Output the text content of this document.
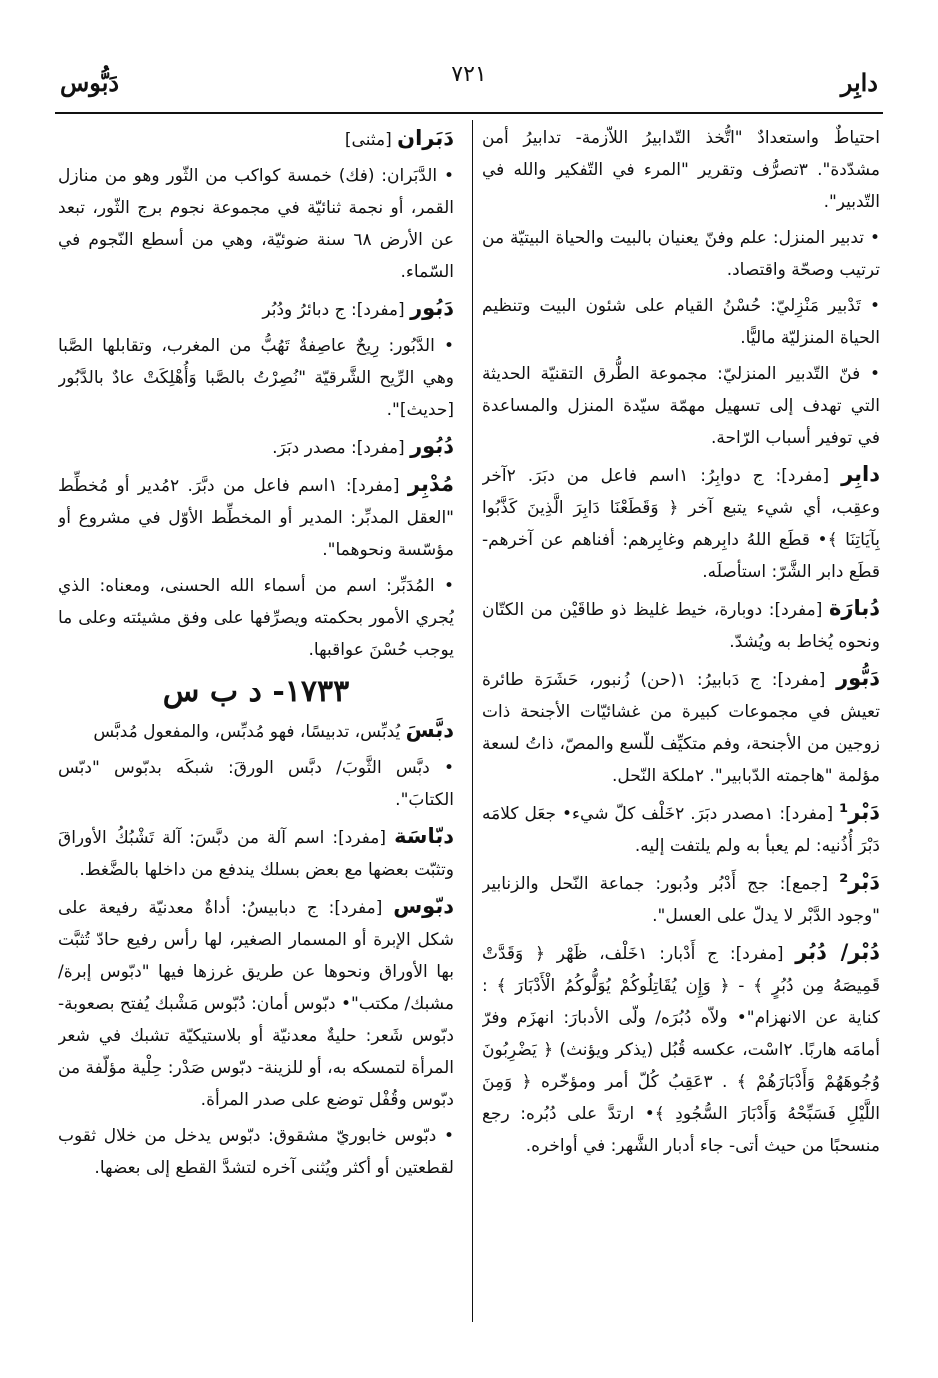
دابِر
٧٢١
دَبُّوس

احتياطٌ واستعدادٌ "اتُّخذ التّدابيرُ اللاّزمة- تدابيرُ أمن مشدّدة". ٣تصرُّف وتقرير "المرء في التّفكير والله في التّدبير".

• تدبير المنزل: علم وفنّ يعنيان بالبيت والحياة البيتيّة من ترتيب وصحّة واقتصاد.

• تَدْبير مَنْزِليّ: حُسْنُ القيام على شئون البيت وتنظيم الحياة المنزليّة ماليًّا.

• فنّ التّدبير المنزليّ: مجموعة الطُّرق التقنيّة الحديثة التي تهدف إلى تسهيل مهمّة سيّدة المنزل والمساعدة في توفير أسباب الرّاحة.

دابِر [مفرد]: ج دوابِرُ: ١اسم فاعل من دبَرَ. ٢آخر وعقِب، أي شيء يتبع آخر ﴿ وَقَطَعْنَا دَابِرَ الَّذِينَ كَذَّبُوا بِآيَاتِنَا ﴾• قطَع اللهُ دابِرهم وغابِرهم: أفناهم عن آخرهم- قطَع دابر الشَّرّ: استأصلَه.

دُبارَة [مفرد]: دوبارة، خيط غليظ ذو طاقَيْن من الكتّان ونحوه يُخاط به ويُشدّ.

دَبُّور [مفرد]: ج دَبابيرُ: ١(حن) زُنبور، حَشَرَة طائرة تعيش في مجموعات كبيرة من غشائيّات الأجنحة ذات زوجين من الأجنحة، وفم متكيِّف للّسع والمصّ، ذاتُ لسعة مؤلمة "هاجمته الدّبابير". ٢ملكة النّحل.

دَبْر¹ [مفرد]: ١مصدر دبَرَ. ٢خَلْف كلّ شيء• جعَل كلامَه دَبْرَ أُذُنيه: لم يعبأ به ولم يلتفت إليه.

دَبْر² [جمع]: جج أَدْبُر ودُبور: جماعة النّحل والزنابير "وجود الدَّبْر لا يدلّ على العسل".

دُبْر/ دُبُر [مفرد]: ج أَدْبار: ١خَلْف، ظَهْر ﴿ وَقَدَّتْ قَمِيصَهُ مِن دُبُرٍ ﴾ - ﴿ وَإِن يُقَاتِلُوكُمْ يُوَلُّوكُمُ الْأَدْبَارَ ﴾ : كناية عن الانهزام"• ولاّه دُبُرَه/ ولّى الأدبارَ: انهزَم وفرّ أمامَه هاربًا. ٢اسْت، عكسه قُبُل (يذكر ويؤنث) ﴿ يَضْرِبُونَ وُجُوهَهُمْ وَأَدْبَارَهُمْ ﴾ . ٣عَقِبُ كُلّ أمر ومؤخّره ﴿ وَمِنَ اللَّيْلِ فَسَبِّحْهُ وَأَدْبَارَ السُّجُودِ ﴾• ارتدَّ على دُبُره: رجع منسحبًا من حيث أتى- جاء أدبار الشَّهر: في أواخره.

دَبَران [مثنى]

• الدَّبَران: (فك) خمسة كواكب من الثّور وهو من منازل القمر، أو نجمة ثنائيّة في مجموعة نجوم برج الثّور، تبعد عن الأرض ٦٨ سنة ضوئيّة، وهي من أسطع النّجوم في السّماء.

دَبُور [مفرد]: ج دبائرُ ودُبُر

• الدَّبُور: رِيحٌ عاصِفةٌ تَهُبُّ من المغرب، وتقابلها الصَّبا وهي الرِّيح الشَّرقيّة "نُصِرْتُ بالصَّبا وَأُهْلِكَتْ عادٌ بالدَّبُور [حديث]".

دُبُور [مفرد]: مصدر دبَرَ.

مُدْبِر [مفرد]: ١اسم فاعل من دبَّرَ. ٢مُدير أو مُخطِّط "العقل المدبِّر: المدير أو المخطِّط الأوّل في مشروع أو مؤسّسة ونحوهما".

• المُدَبِّر: اسم من أسماء الله الحسنى، ومعناه: الذي يُجري الأمور بحكمته ويصرِّفها على وفق مشيئته وعلى ما يوجب حُسْنَ عواقبها.

١٧٣٣- د ب س

دبَّسَ يُدبِّس، تدبيسًا، فهو مُدبِّس، والمفعول مُدبَّس

• دبَّس الثَّوبَ/ دبَّس الورقَ: شبكَه بدبّوس "دبّس الكتابَ".

دبّاسَة [مفرد]: اسم آلة من دبَّسَ: آلة تَشْبُكُ الأوراقَ وتثبّت بعضها مع بعض بسلك يندفع من داخلها بالضَّغط.

دبّوس [مفرد]: ج دبابيسُ: أداةٌ معدنيّة رفيعة على شكل الإبرة أو المسمار الصغير، لها رأس رفيع حادّ تُثبَّت بها الأوراق ونحوها عن طريق غرزها فيها "دبّوس إبرة/ مشبك/ مكتب"• دبّوس أمان: دُبّوس مَشْبك يُفتح بصعوبة- دبّوس شَعر: حليةٌ معدنيّة أو بلاستيكيّة تشبك في شعر المرأة لتمسكه به، أو للزينة- دبّوس صَدْر: حِلْية مؤلّفة من دبّوس وقُفْل توضع على صدر المرأة.

• دبّوس خابوريّ مشقوق: دبّوس يدخل من خلال ثقوب لقطعتين أو أكثر ويُثنى آخره لتشدَّ القطع إلى بعضها.
